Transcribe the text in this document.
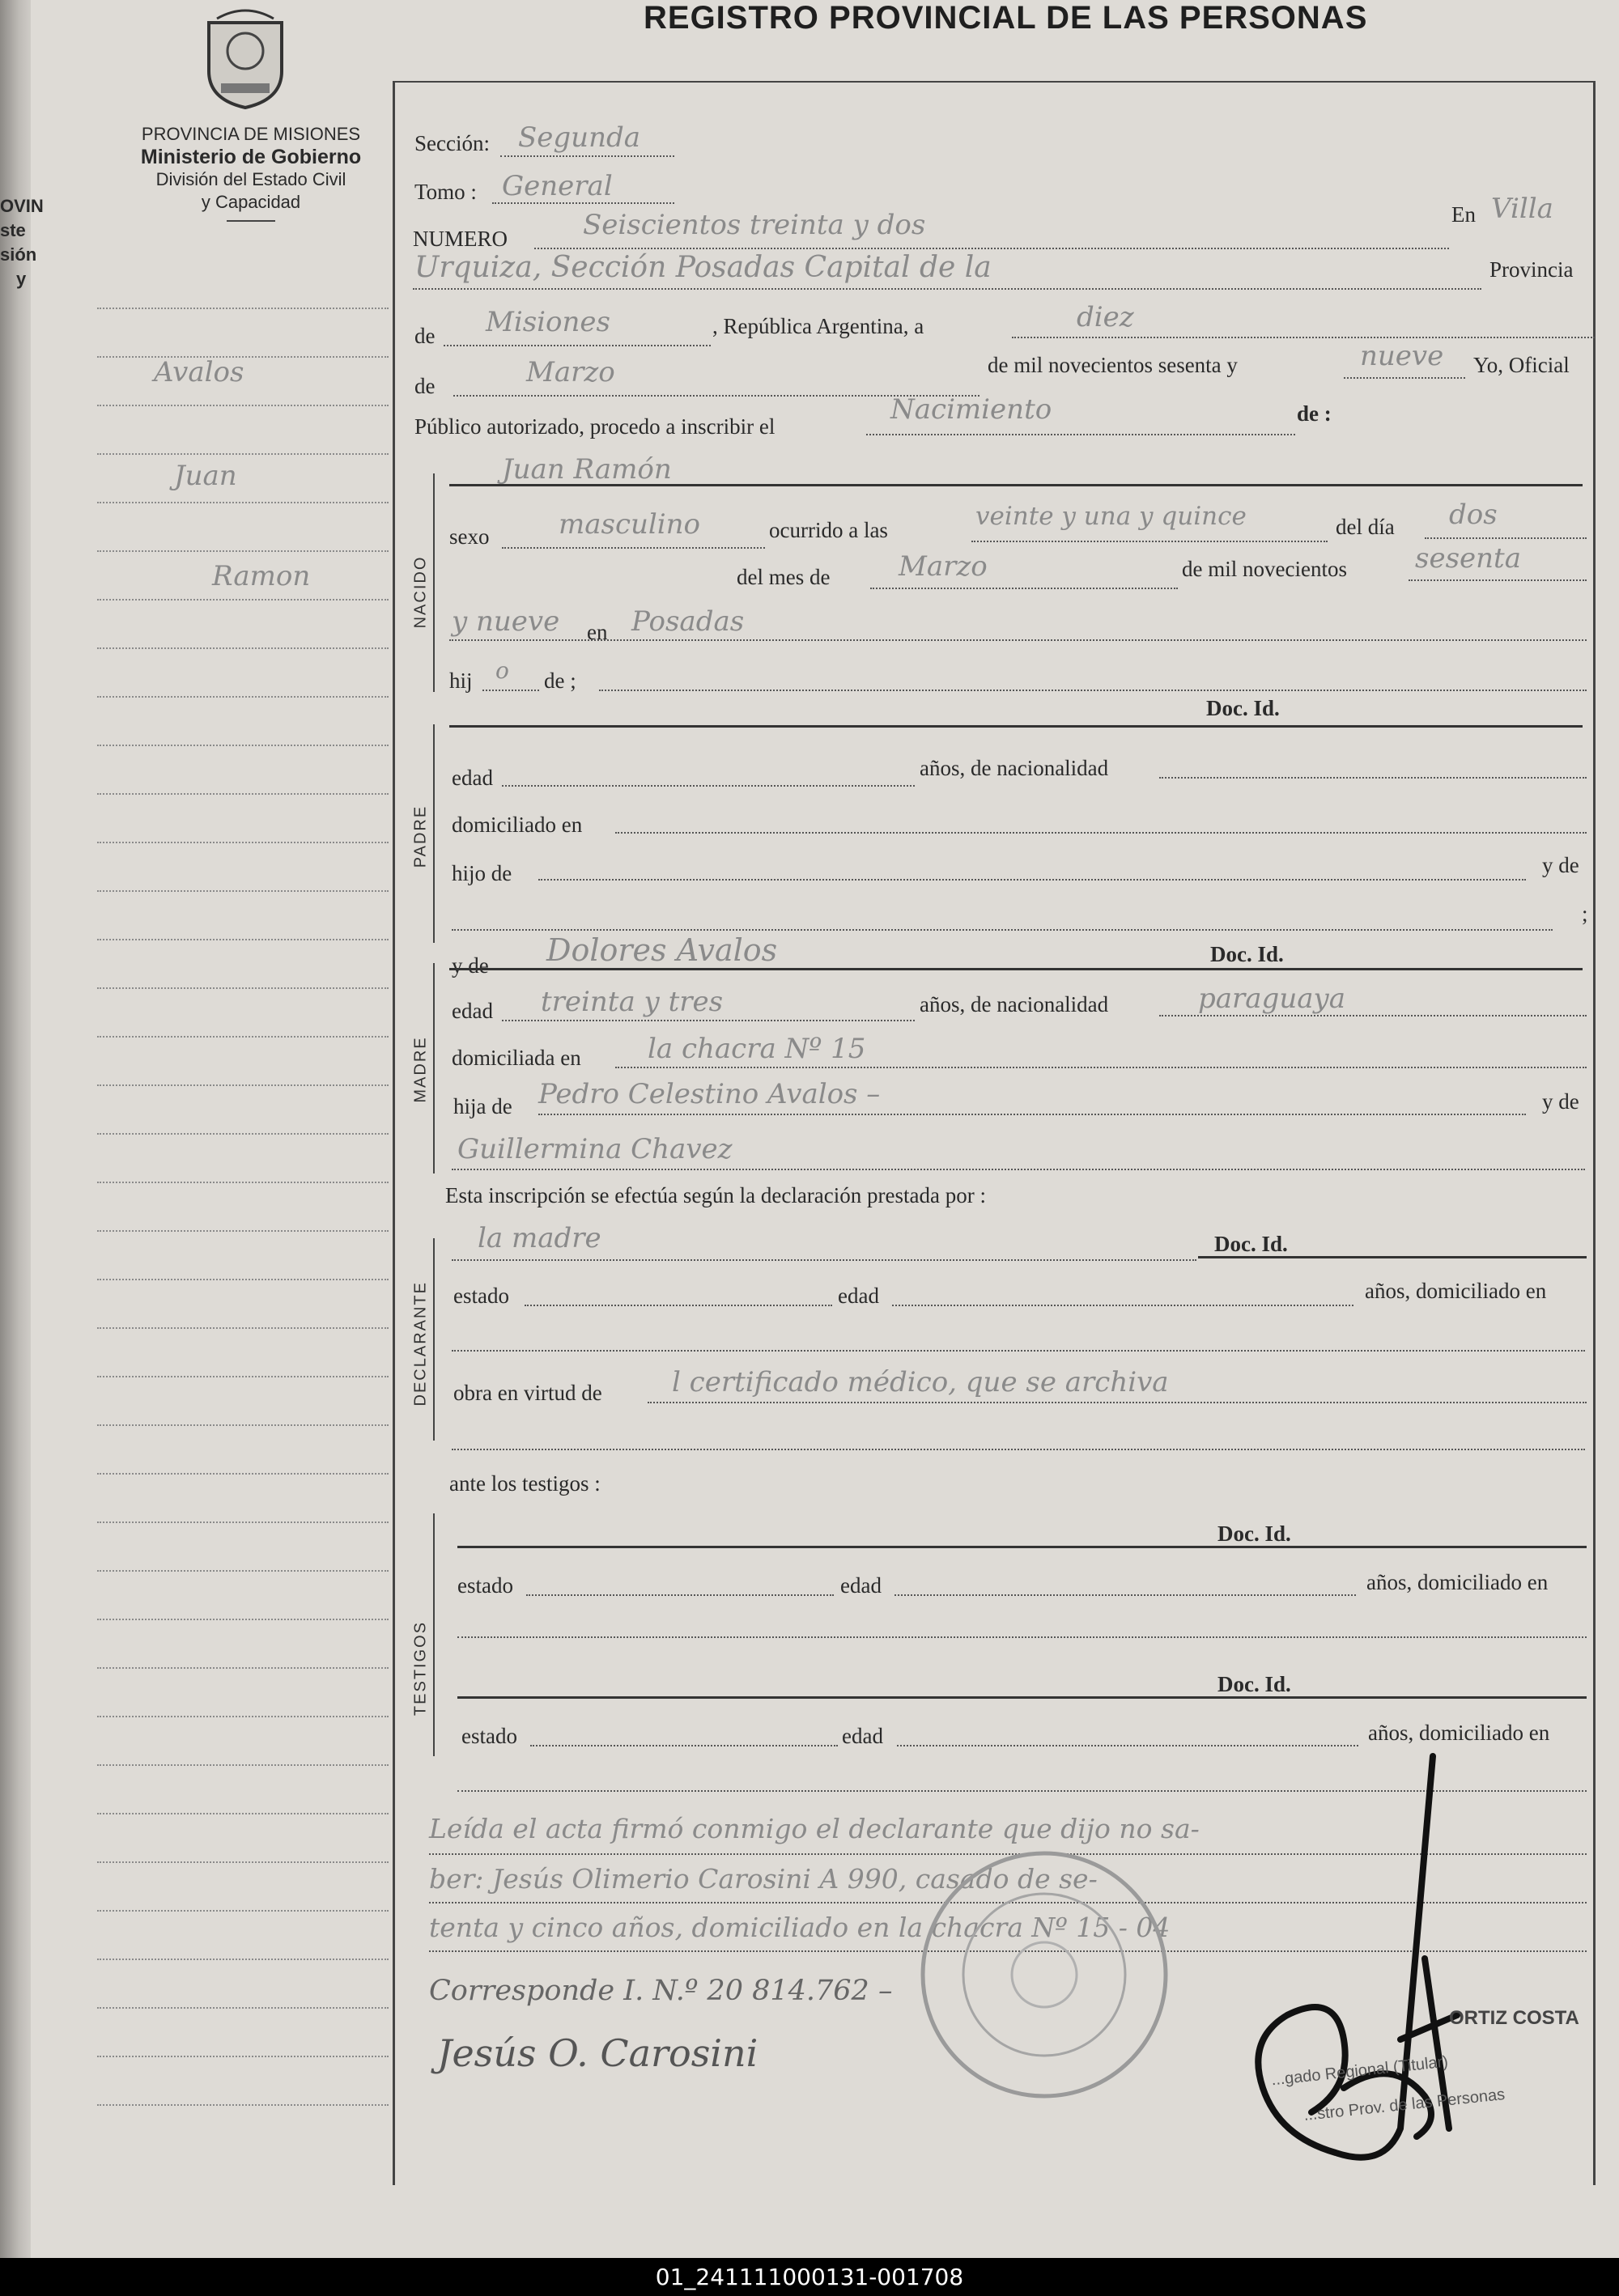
OVIN
ste
sión
y
PROVINCIA DE MISIONES
Ministerio de Gobierno
División del Estado Civil
y Capacidad
REGISTRO PROVINCIAL DE LAS PERSONAS
Avalos
Juan
Ramon
Sección: Segunda
Tomo : General
NUMERO	Seiscientos treinta y dos	En Villa
Urquiza, Sección Posadas Capital de la	Provincia
de Misiones	, República Argentina, a	diez
de	Marzo	de mil novecientos sesenta y	nueve Yo, Oficial
Público autorizado, procedo a inscribir el
Nacimiento	de :
NACIDO
Juan Ramón
sexo	masculino	ocurrido a las	veinte y una y quince	del día dos
del mes de Marzo	de mil novecientos sesenta
y nueve en Posadas
hij o de ;
Doc. Id.
PADRE
edad	años, de nacionalidad
domiciliado en
hijo de	y de
;
MADRE
y de Dolores Avalos	Doc. Id.
edad treinta y tres	años, de nacionalidad	paraguaya
domiciliada en la chacra Nº 15
hija de Pedro Celestino Avalos –	y de
Guillermina Chavez
Esta inscripción se efectúa según la declaración prestada por :
DECLARANTE
la madre	Doc. Id.
estado	edad	años, domiciliado en
obra en virtud de	l certificado médico, que se archiva
ante los testigos :
TESTIGOS
Doc. Id.
estado	edad	años, domiciliado en
Doc. Id.
estado	edad	años, domiciliado en
Leída el acta firmó conmigo el declarante que dijo no sa-
ber: Jesús Olimerio Carosini A 990, casado de se-
tenta y cinco años, domiciliado en la chacra Nº 15 - 04
Corresponde I. N.º 20 814.762 –
Jesús O. Carosini
ORTIZ COSTA
...gado Regional (Titular)
...stro Prov. de las Personas
01_241111000131-001708
